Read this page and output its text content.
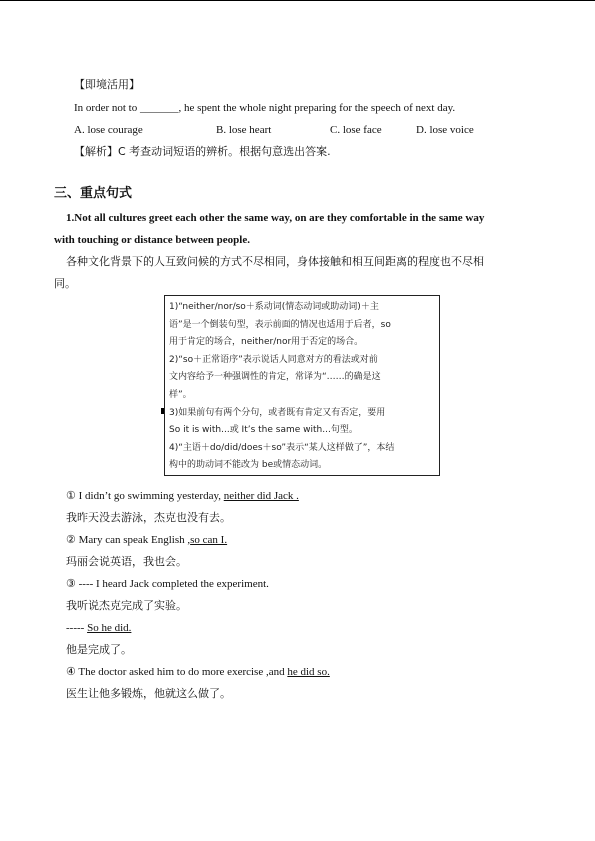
【即境活用】
In order not to _______, he spent the whole night preparing for the speech of next day.
A. lose courage	B. lose heart	C. lose face	D. lose voice
【解析】C 考查动词短语的辨析。根据句意选出答案.
三、重点句式
1.Not all cultures greet each other the same way, on are they comfortable in the same way
with touching or distance between people.
各种文化背景下的人互致问候的方式不尽相同，身体接触和相互间距离的程度也不尽相
同。
1)“neither/nor/so＋系动词(情态动词或助动词)＋主
语”是一个倒装句型，表示前面的情况也适用于后者，so
用于肯定的场合，neither/nor用于否定的场合。
2)“so＋正常语序”表示说话人同意对方的看法或对前
文内容给予一种强调性的肯定，常译为“……的确是这
样”。
3)如果前句有两个分句，或者既有肯定又有否定，要用
So it is with...或 It’s the same with...句型。
4)“主语＋do/did/does＋so”表示“某人这样做了”，本结
构中的助动词不能改为 be或情态动词。
① I didn’t go swimming yesterday, neither did Jack .
我昨天没去游泳，杰克也没有去。
② Mary can speak English ,so can I.
玛丽会说英语，我也会。
③ ---- I heard Jack completed the experiment.
我听说杰克完成了实验。
----- So he did.
他是完成了。
④ The doctor asked him to do more exercise ,and he did so.
医生让他多锻炼，他就这么做了。
